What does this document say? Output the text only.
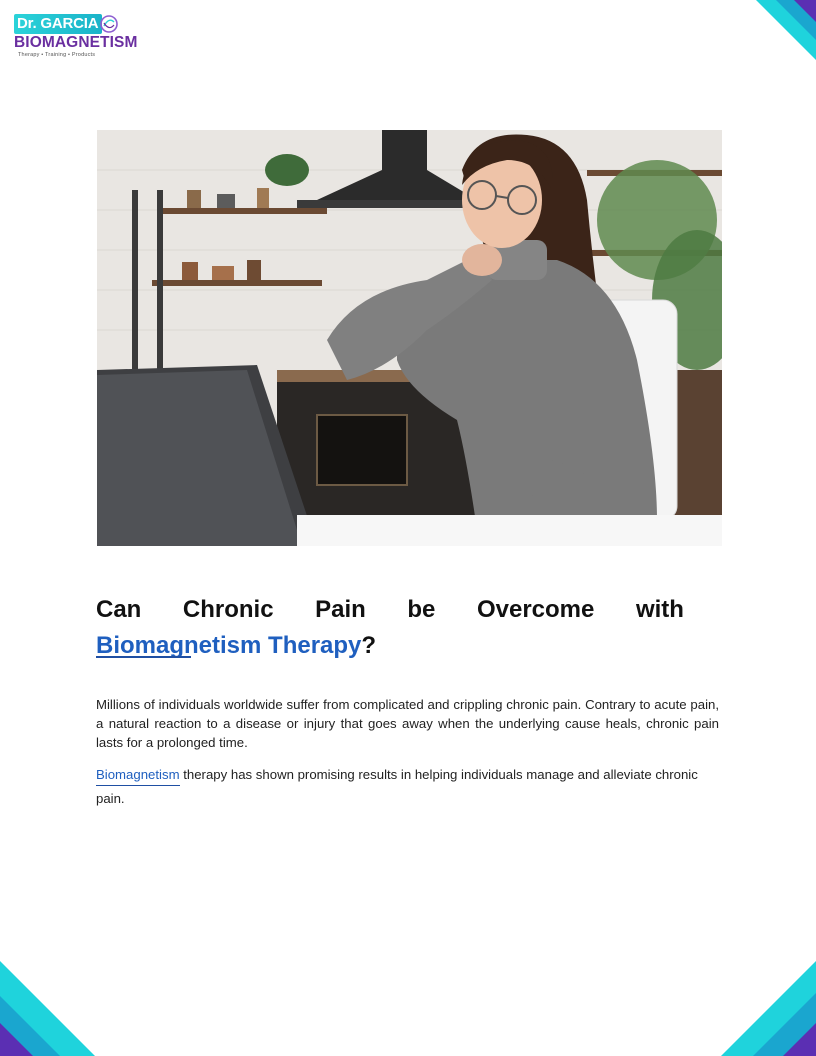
Dr. GARCIA
BIOMAGNETISM
Therapy • Training • Products
Can Chronic Pain be Overcome with
Biomagnetism Therapy?

Millions of individuals worldwide suffer from complicated and crippling chronic pain. Contrary to acute pain, a natural reaction to a disease or injury that goes away when the underlying cause heals, chronic pain lasts for a prolonged time.

Biomagnetism therapy has shown promising results in helping individuals manage and alleviate chronic pain.
